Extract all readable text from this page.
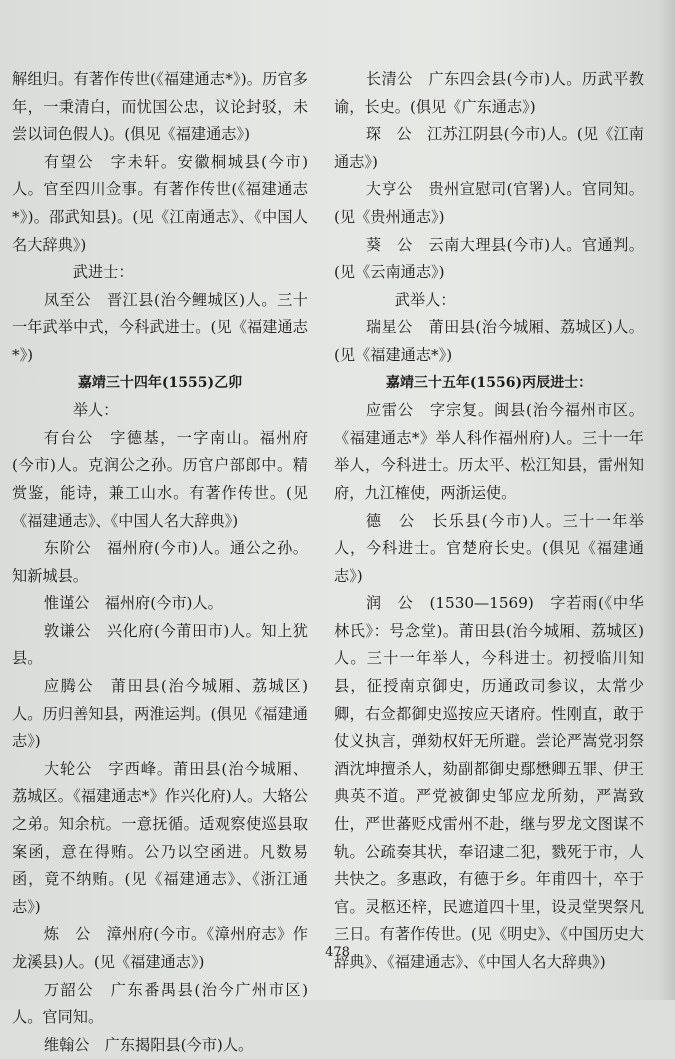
解组归。有著作传世(《福建通志*》)。历官多年，一秉清白，而忧国公忠，议论封驳，未尝以词色假人)。(俱见《福建通志》)

有望公　字未轩。安徽桐城县(今市)人。官至四川佥事。有著作传世(《福建通志*》)。邵武知县)。(见《江南通志》、《中国人名大辞典》)

武进士：

凤至公　晋江县(治今鲤城区)人。三十一年武举中式，今科武进士。(见《福建通志*》)

嘉靖三十四年(1555)乙卯

举人：

有台公　字德基，一字南山。福州府(今市)人。克润公之孙。历官户部郎中。精赏鉴，能诗，兼工山水。有著作传世。(见《福建通志》、《中国人名大辞典》)

东阶公　福州府(今市)人。通公之孙。知新城县。

惟谨公　福州府(今市)人。

敦谦公　兴化府(今莆田市)人。知上犹县。

应腾公　莆田县(治今城厢、荔城区)人。历归善知县，两淮运判。(俱见《福建通志》)

大轮公　字西峰。莆田县(治今城厢、荔城区。《福建通志*》作兴化府)人。大辂公之弟。知余杭。一意抚循。适观察使巡县取案函，意在得贿。公乃以空函进。凡数易函，竟不纳贿。(见《福建通志》、《浙江通志》)

炼　公　漳州府(今市。《漳州府志》作龙溪县)人。(见《福建通志》)

万韶公　广东番禺县(治今广州市区)人。官同知。

维翰公　广东揭阳县(今市)人。

长清公　广东四会县(今市)人。历武平教谕，长史。(俱见《广东通志》)

琛　公　江苏江阴县(今市)人。(见《江南通志》)

大亨公　贵州宣慰司(官署)人。官同知。(见《贵州通志》)

葵　公　云南大理县(今市)人。官通判。(见《云南通志》)

武举人：

瑞星公　莆田县(治今城厢、荔城区)人。(见《福建通志*》)

嘉靖三十五年(1556)丙辰进士：

应雷公　字宗复。闽县(治今福州市区。《福建通志*》举人科作福州府)人。三十一年举人，今科进士。历太平、松江知县，雷州知府，九江榷使，两浙运使。

德　公　长乐县(今市)人。三十一年举人，今科进士。官楚府长史。(俱见《福建通志》)

润　公　(1530—1569)　字若雨(《中华林氏》：号念堂)。莆田县(治今城厢、荔城区)人。三十一年举人，今科进士。初授临川知县，征授南京御史，历通政司参议，太常少卿，右佥都御史巡按应天诸府。性刚直，敢于仗义执言，弹劾权奸无所避。尝论严嵩党羽祭酒沈坤擅杀人，劾副都御史鄢懋卿五罪、伊王典英不道。严党被御史邹应龙所劾，严嵩致仕，严世蕃贬戍雷州不赴，继与罗龙文图谋不轨。公疏奏其状，奉诏逮二犯，戮死于市，人共快之。多惠政，有德于乡。年甫四十，卒于官。灵柩还梓，民遮道四十里，设灵堂哭祭凡三日。有著作传世。(见《明史》、《中国历史大辞典》、《福建通志》、《中国人名大辞典》)

478
